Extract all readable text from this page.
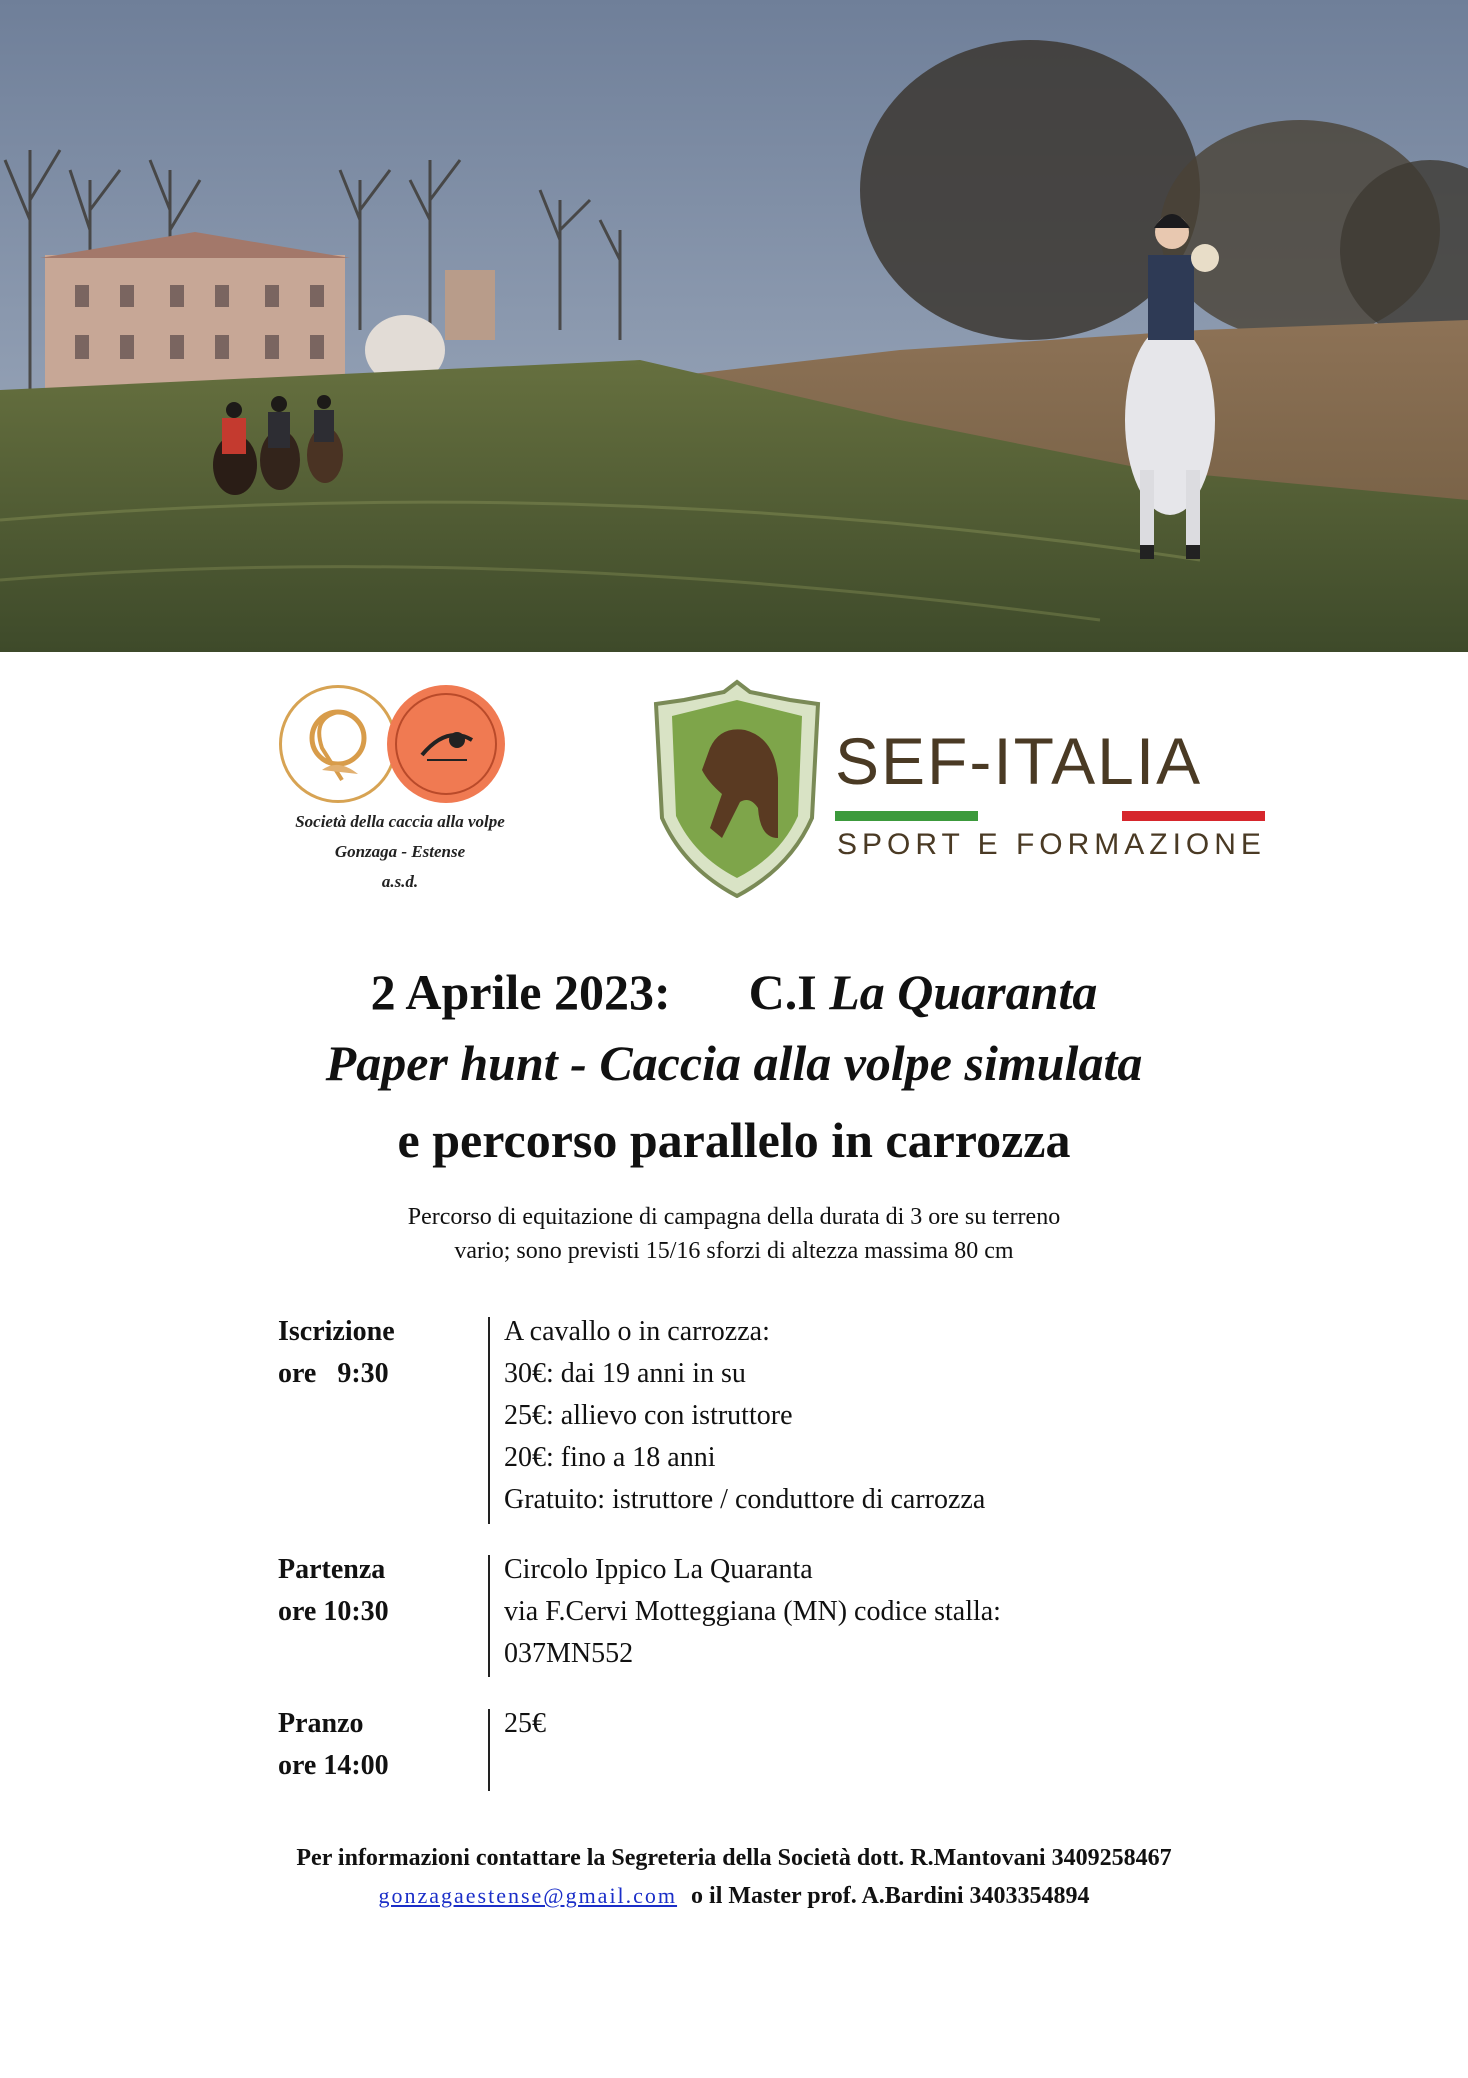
Società della caccia alla volpe
Gonzaga - Estense
a.s.d.
SEF-ITALIA
SPORT E FORMAZIONE
2 Aprile 2023: C.I La Quaranta
Paper hunt - Caccia alla volpe simulata
e percorso parallelo in carrozza
Percorso di equitazione di campagna della durata di 3 ore su terreno
vario; sono previsti 15/16 sforzi di altezza massima 80 cm
Iscrizione
ore   9:30
A cavallo o in carrozza:
30€: dai 19 anni in su
25€: allievo con istruttore
20€: fino a 18 anni
Gratuito: istruttore / conduttore di carrozza
Partenza
ore 10:30
Circolo Ippico La Quaranta
via F.Cervi Motteggiana (MN) codice stalla:
037MN552
Pranzo
ore 14:00
25€
Per informazioni contattare la Segreteria della Società dott. R.Mantovani 3409258467
gonzagaestense@gmail.com o il Master prof. A.Bardini 3403354894
